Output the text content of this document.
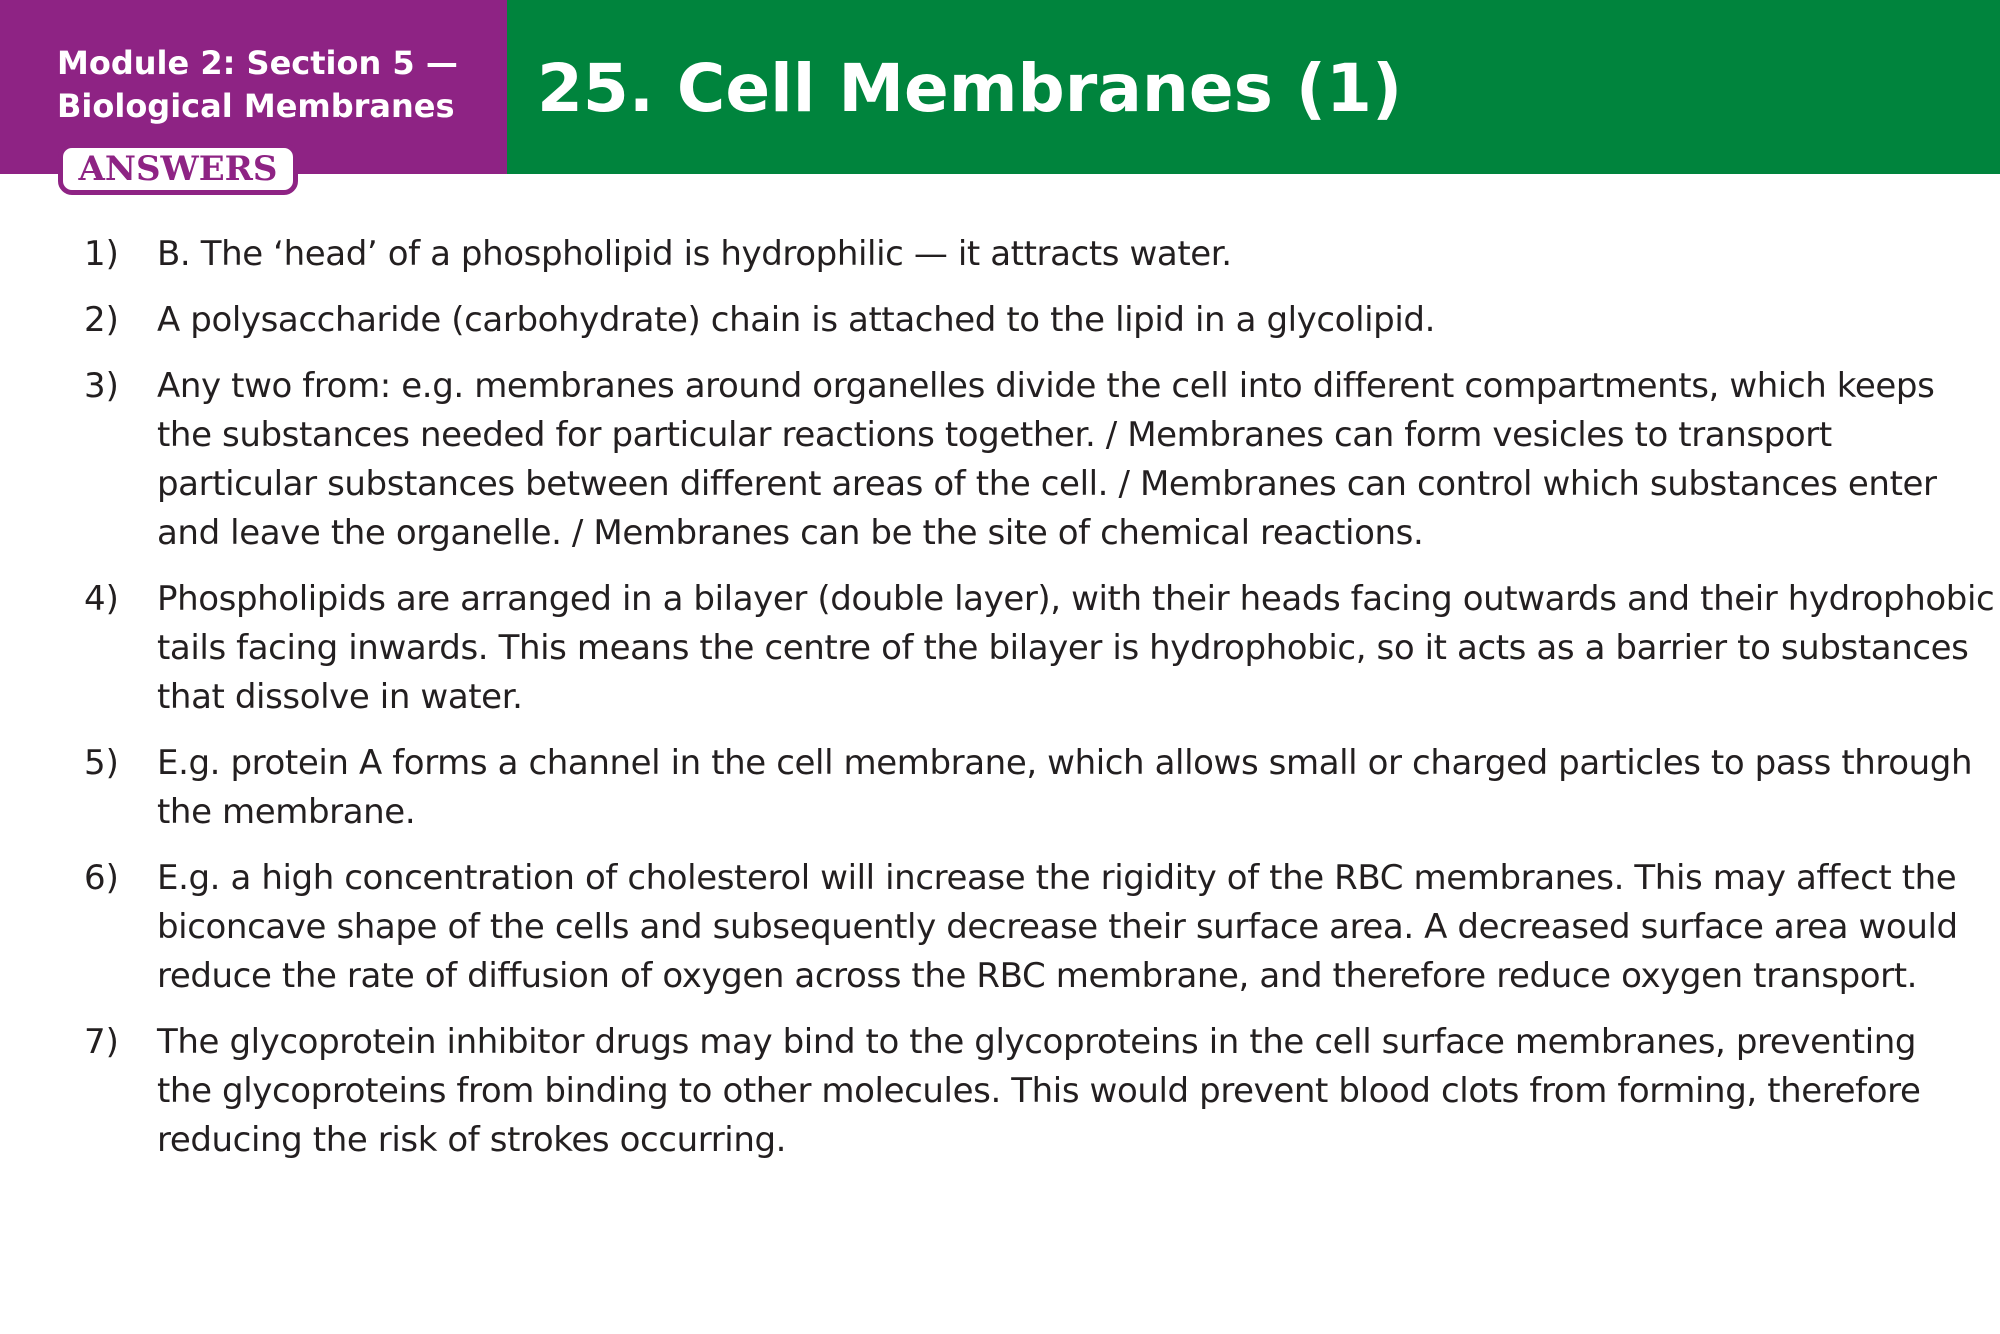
Module 2: Section 5 —
Biological Membranes	25. Cell Membranes (1)
ANSWERS
1) B. The ‘head’ of a phospholipid is hydrophilic — it attracts water.
2) A polysaccharide (carbohydrate) chain is attached to the lipid in a glycolipid.
3) Any two from: e.g. membranes around organelles divide the cell into different compartments, which keeps
the substances needed for particular reactions together. / Membranes can form vesicles to transport
particular substances between different areas of the cell. / Membranes can control which substances enter
and leave the organelle. / Membranes can be the site of chemical reactions.
4) Phospholipids are arranged in a bilayer (double layer), with their heads facing outwards and their hydrophobic
tails facing inwards. This means the centre of the bilayer is hydrophobic, so it acts as a barrier to substances
that dissolve in water.
5) E.g. protein A forms a channel in the cell membrane, which allows small or charged particles to pass through
the membrane.
6) E.g. a high concentration of cholesterol will increase the rigidity of the RBC membranes. This may affect the
biconcave shape of the cells and subsequently decrease their surface area. A decreased surface area would
reduce the rate of diffusion of oxygen across the RBC membrane, and therefore reduce oxygen transport.
7) The glycoprotein inhibitor drugs may bind to the glycoproteins in the cell surface membranes, preventing
the glycoproteins from binding to other molecules. This would prevent blood clots from forming, therefore
reducing the risk of strokes occurring.
